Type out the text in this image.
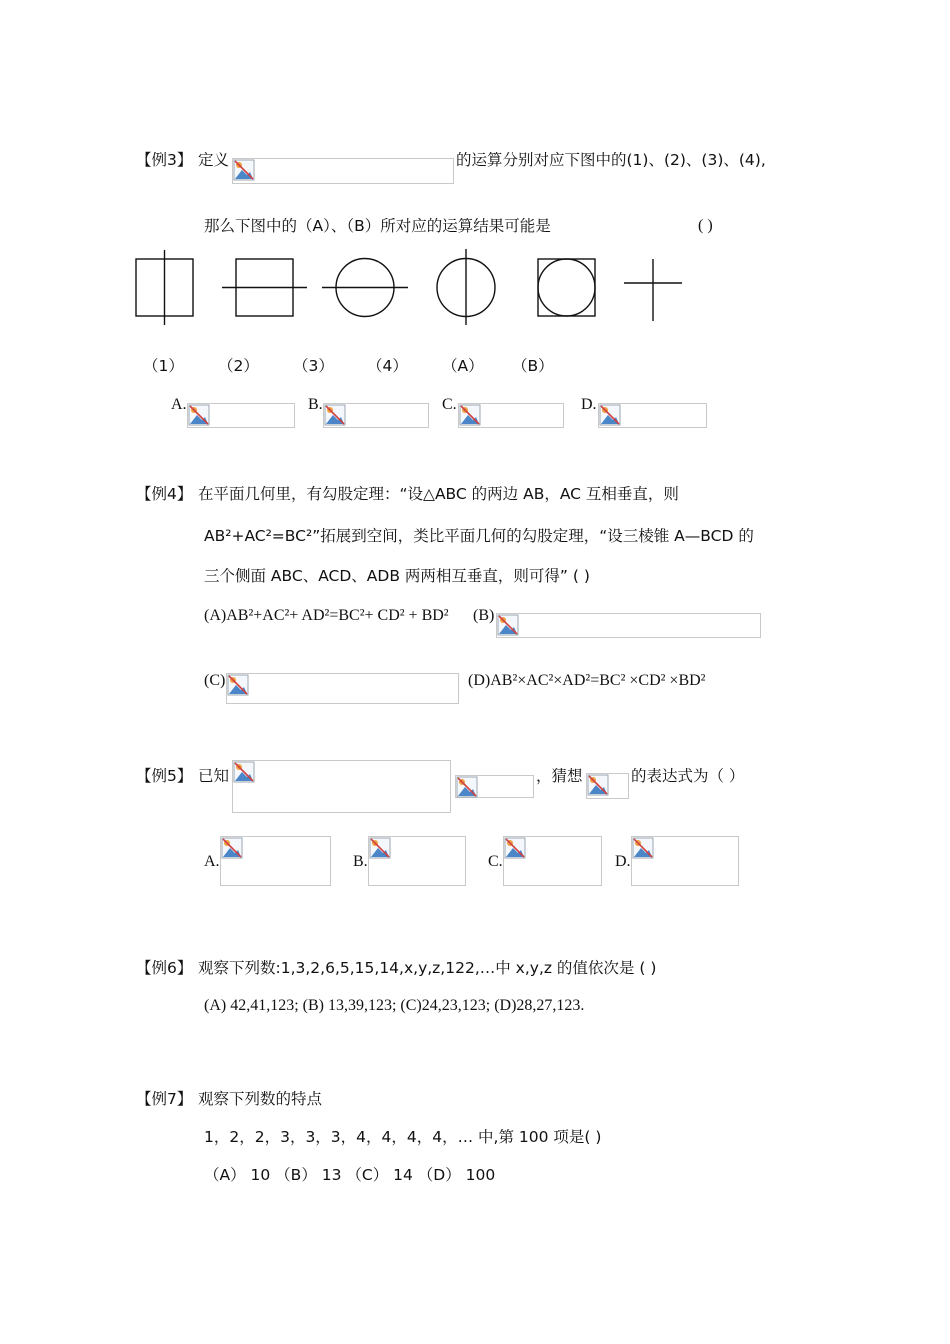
【例3】 定义	的运算分别对应下图中的(1)、(2)、(3)、(4),
那么下图中的（A）、（B）所对应的运算结果可能是	( )
（1） （2） （3） （4） （A） （B）
A.	B.	C.	D.
【例4】 在平面几何里，有勾股定理：“设△ABC 的两边 AB，AC 互相垂直，则
AB²+AC²=BC²”拓展到空间，类比平面几何的勾股定理，“设三棱锥 A—BCD 的
三个侧面 ABC、ACD、ADB 两两相互垂直，则可得” ( )
(A)AB²+AC²+ AD²=BC²+ CD² + BD² (B)
(C)	(D)AB²×AC²×AD²=BC² ×CD² ×BD²
【例5】 已知	，猜想	的表达式为（ ）
A.	B.	C.	D.
【例6】 观察下列数:1,3,2,6,5,15,14,x,y,z,122,…中 x,y,z 的值依次是 ( )
(A) 42,41,123; (B) 13,39,123; (C)24,23,123; (D)28,27,123.
【例7】 观察下列数的特点
1，2，2，3，3，3，4，4，4，4，… 中,第 100 项是( )
（A） 10 （B） 13 （C） 14 （D） 100
